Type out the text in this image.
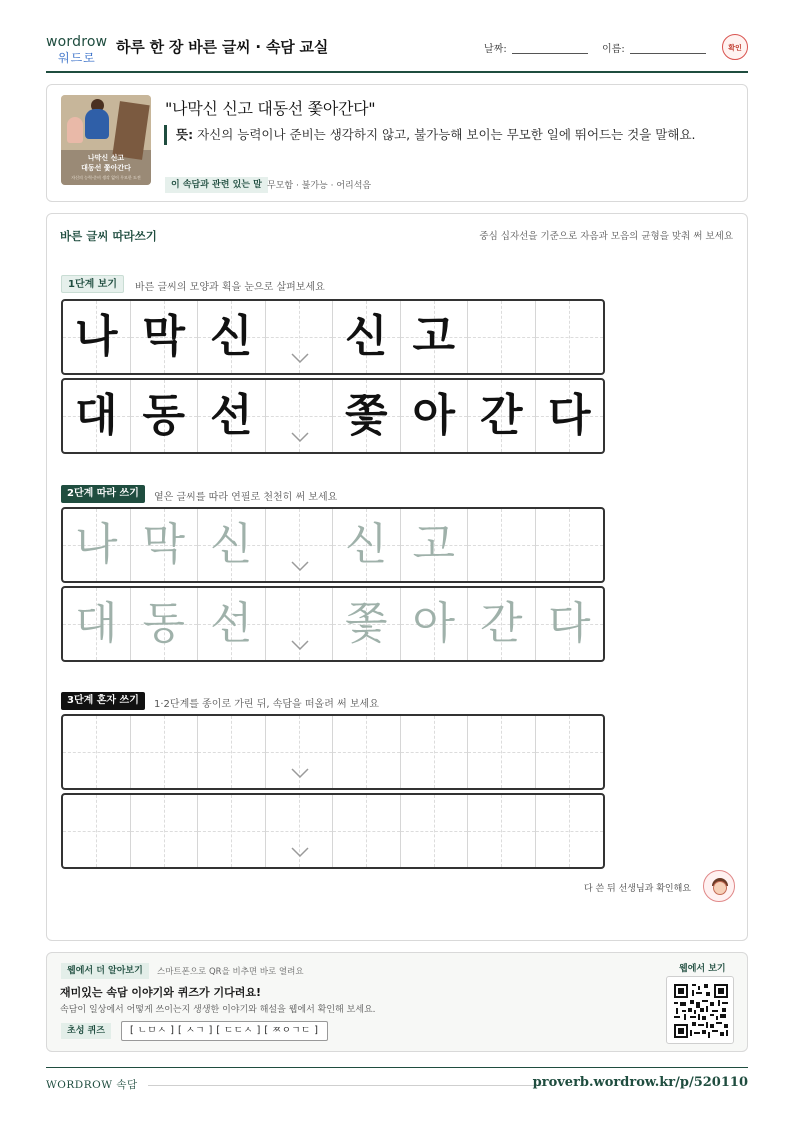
wordrow
워드로
하루 한 장 바른 글씨 · 속담 교실	날짜:	이름:	확인
나막신 신고
대동선 쫓아간다
자신의 능력·준비 생각 없이 무모한 도전
"나막신 신고 대동선 쫓아간다"
뜻: 자신의 능력이나 준비는 생각하지 않고, 불가능해 보이는 무모한 일에 뛰어드는 것을 말해요.
이 속담과 관련 있는 말 무모함 · 불가능 · 어리석음
바른 글씨 따라쓰기	중심 십자선을 기준으로 자음과 모음의 균형을 맞춰 써 보세요
1단계 보기	바른 글씨의 모양과 획을 눈으로 살펴보세요
나 막 신 신 고
대 동 선 쫓 아 간 다
2단계 따라 쓰기	옅은 글씨를 따라 연필로 천천히 써 보세요
나 막 신 신 고
대 동 선 쫓 아 간 다
3단계 혼자 쓰기	1·2단계를 종이로 가린 뒤, 속담을 떠올려 써 보세요
다 쓴 뒤 선생님과 확인해요
웹에서 더 알아보기	스마트폰으로 QR을 비추면 바로 열려요
재미있는 속담 이야기와 퀴즈가 기다려요!
속담이 일상에서 어떻게 쓰이는지 생생한 이야기와 해설을 웹에서 확인해 보세요.
초성 퀴즈	[ ㄴㅁㅅ ] [ ㅅㄱ ] [ ㄷㄷㅅ ] [ ㅉㅇㄱㄷ ]
웹에서 보기
WORDROW 속담	proverb.wordrow.kr/p/520110
